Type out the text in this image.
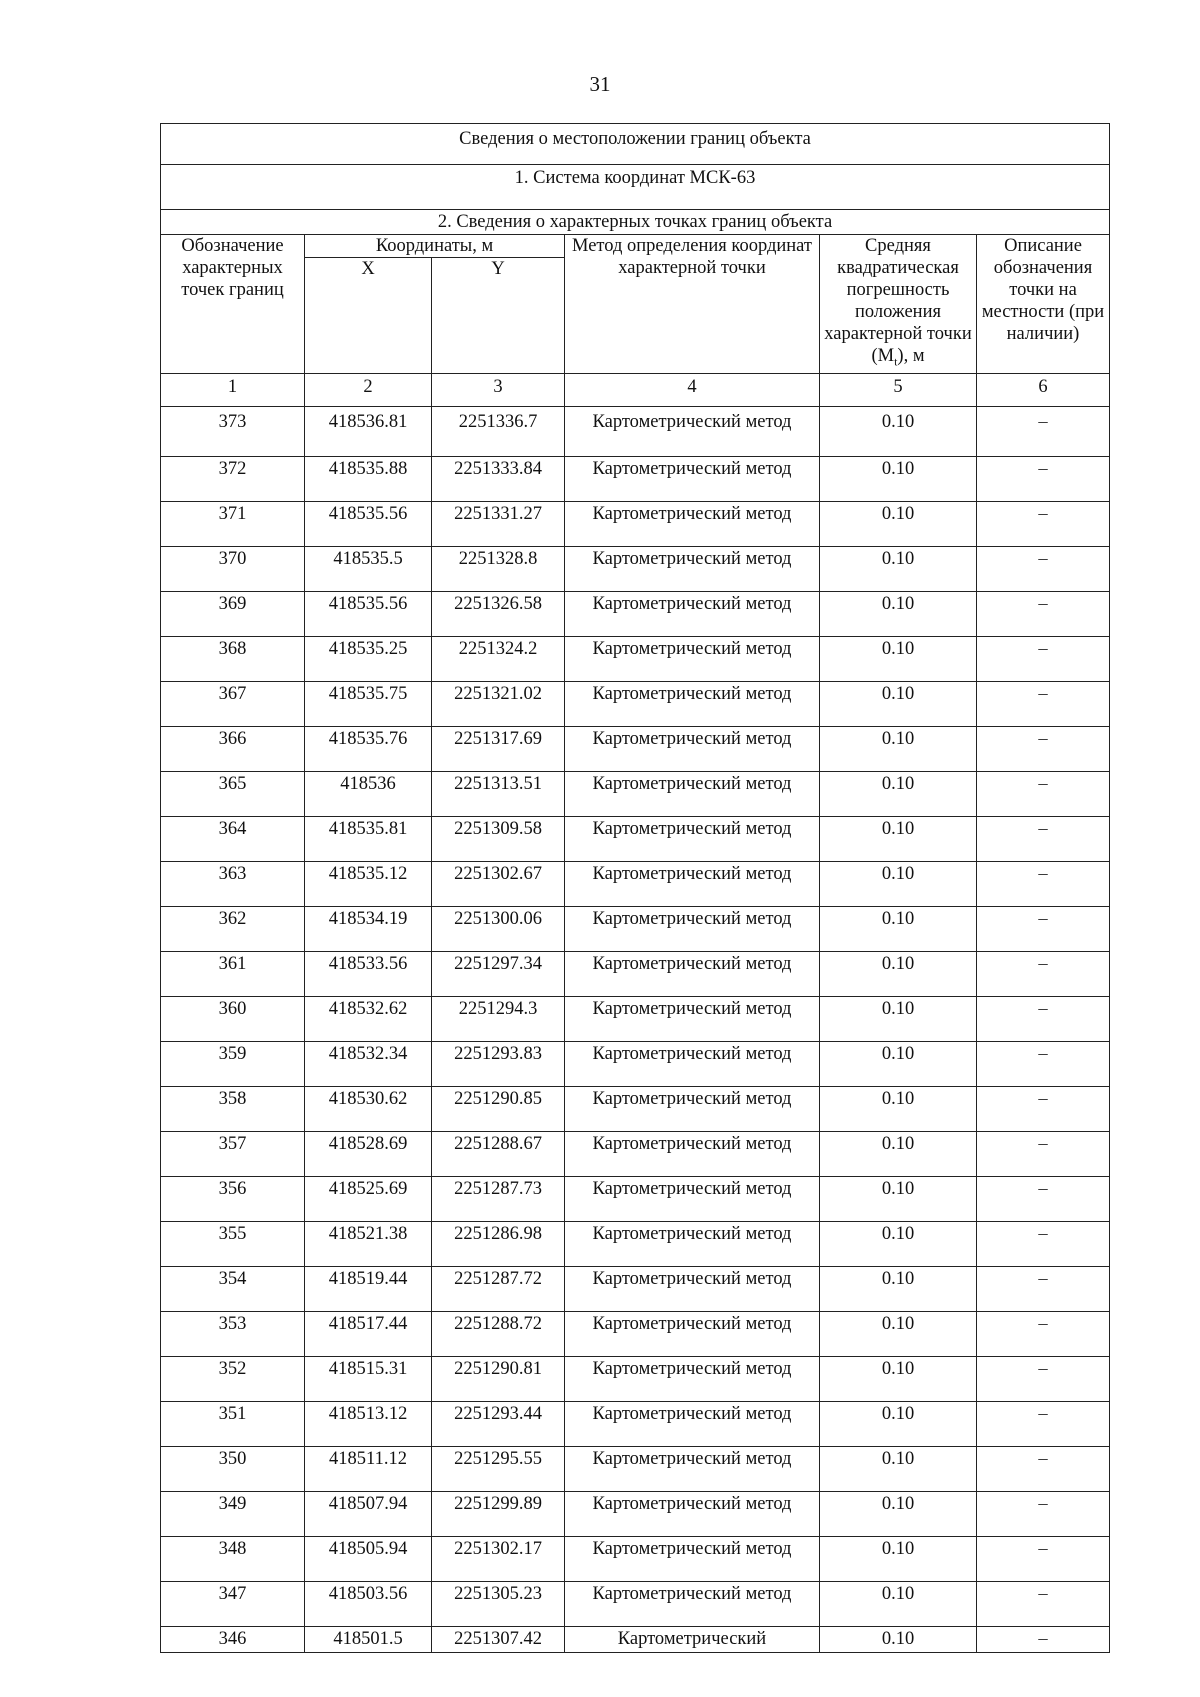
31
Сведения о местоположении границ объекта					
1. Система координат МСК-63					
2. Сведения о характерных точках границ объекта					
Обозначение характерных точек границ	Координаты, м		Метод определения координат характерной точки	Средняя квадратическая погрешность положения характерной точки $(M_t)$, м	Описание обозначения точки на местности (при наличии)
	X	Y			
1	2	3	4	5	6
373	418536.81	2251336.7	Картометрический метод	0.10	–
372	418535.88	2251333.84	Картометрический метод	0.10	–
371	418535.56	2251331.27	Картометрический метод	0.10	–
370	418535.5	2251328.8	Картометрический метод	0.10	–
369	418535.56	2251326.58	Картометрический метод	0.10	–
368	418535.25	2251324.2	Картометрический метод	0.10	–
367	418535.75	2251321.02	Картометрический метод	0.10	–
366	418535.76	2251317.69	Картометрический метод	0.10	–
365	418536	2251313.51	Картометрический метод	0.10	–
364	418535.81	2251309.58	Картометрический метод	0.10	–
363	418535.12	2251302.67	Картометрический метод	0.10	–
362	418534.19	2251300.06	Картометрический метод	0.10	–
361	418533.56	2251297.34	Картометрический метод	0.10	–
360	418532.62	2251294.3	Картометрический метод	0.10	–
359	418532.34	2251293.83	Картометрический метод	0.10	–
358	418530.62	2251290.85	Картометрический метод	0.10	–
357	418528.69	2251288.67	Картометрический метод	0.10	–
356	418525.69	2251287.73	Картометрический метод	0.10	–
355	418521.38	2251286.98	Картометрический метод	0.10	–
354	418519.44	2251287.72	Картометрический метод	0.10	–
353	418517.44	2251288.72	Картометрический метод	0.10	–
352	418515.31	2251290.81	Картометрический метод	0.10	–
351	418513.12	2251293.44	Картометрический метод	0.10	–
350	418511.12	2251295.55	Картометрический метод	0.10	–
349	418507.94	2251299.89	Картометрический метод	0.10	–
348	418505.94	2251302.17	Картометрический метод	0.10	–
347	418503.56	2251305.23	Картометрический метод	0.10	–
346	418501.5	2251307.42	Картометрический	0.10	–
